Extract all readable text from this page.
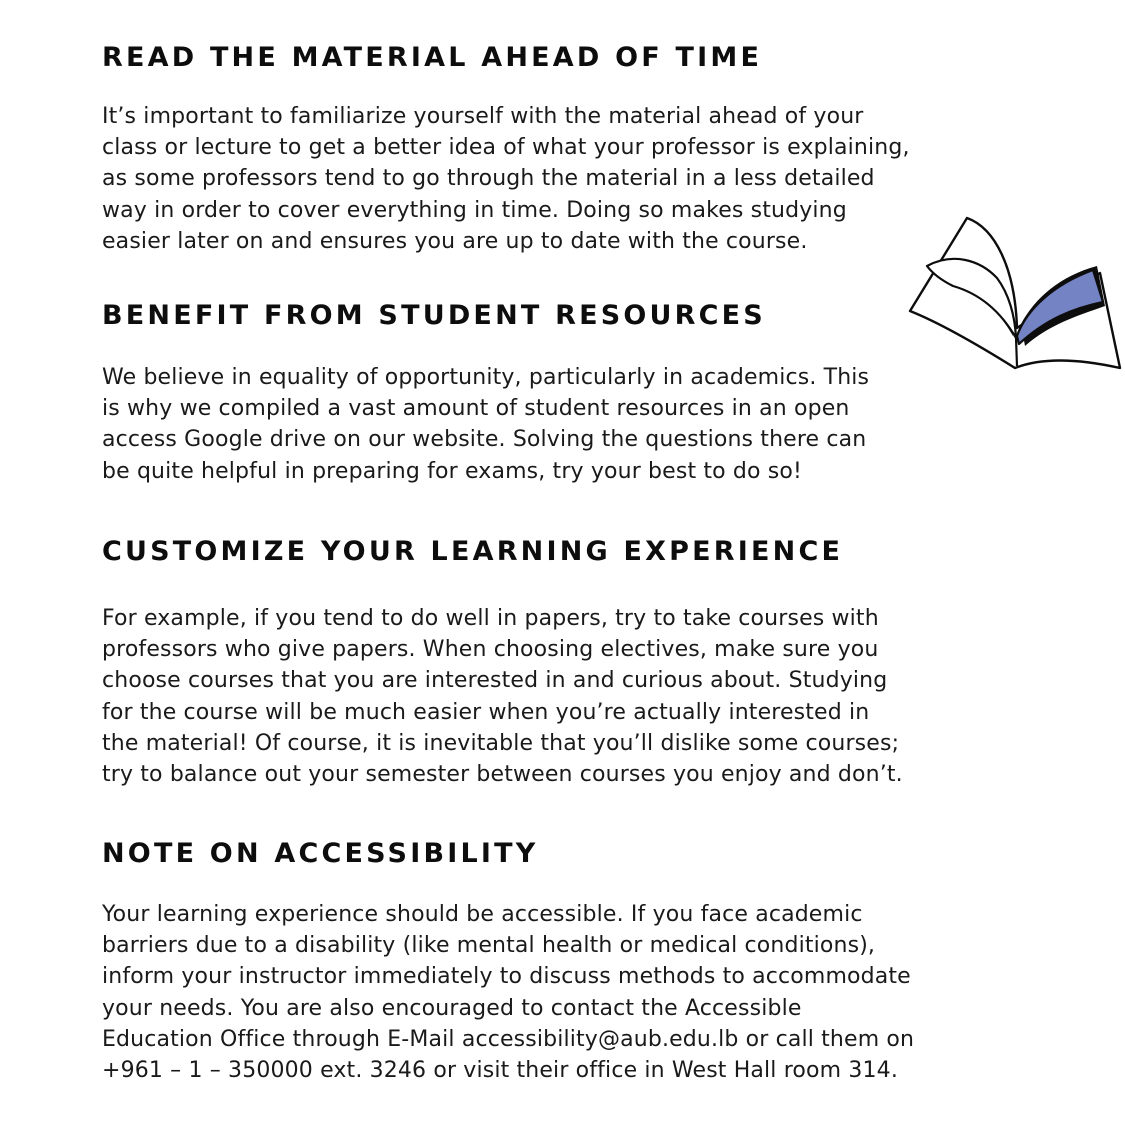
READ THE MATERIAL AHEAD OF TIME
It’s important to familiarize yourself with the material ahead of your
class or lecture to get a better idea of what your professor is explaining,
as some professors tend to go through the material in a less detailed
way in order to cover everything in time. Doing so makes studying
easier later on and ensures you are up to date with the course.
BENEFIT FROM STUDENT RESOURCES
We believe in equality of opportunity, particularly in academics. This
is why we compiled a vast amount of student resources in an open
access Google drive on our website. Solving the questions there can
be quite helpful in preparing for exams, try your best to do so!
CUSTOMIZE YOUR LEARNING EXPERIENCE
For example, if you tend to do well in papers, try to take courses with
professors who give papers. When choosing electives, make sure you
choose courses that you are interested in and curious about. Studying
for the course will be much easier when you’re actually interested in
the material! Of course, it is inevitable that you’ll dislike some courses;
try to balance out your semester between courses you enjoy and don’t.
NOTE ON ACCESSIBILITY
Your learning experience should be accessible. If you face academic
barriers due to a disability (like mental health or medical conditions),
inform your instructor immediately to discuss methods to accommodate
your needs. You are also encouraged to contact the Accessible
Education Office through E-Mail accessibility@aub.edu.lb or call them on
+961 – 1 – 350000 ext. 3246 or visit their office in West Hall room 314.
